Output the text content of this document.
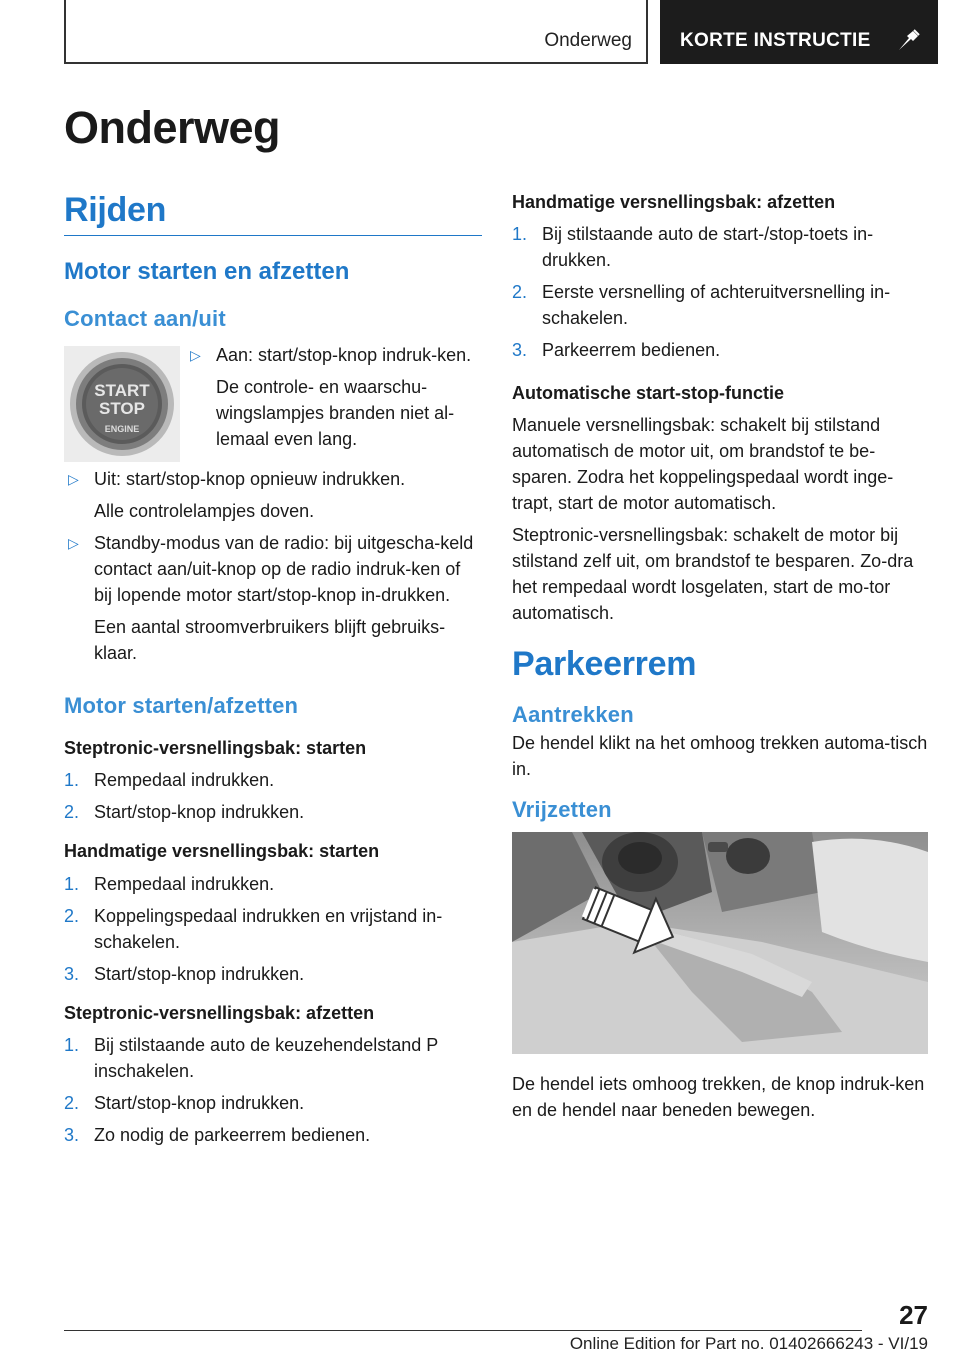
Onderweg	KORTE INSTRUCTIE
Onderweg
Rijden
Motor starten en afzetten
Contact aan/uit
START
STOP
ENGINE
▷ Aan: start/stop-knop indruk-ken.
De controle- en waarschu-wingslampjes branden niet al-lemaal even lang.
▷ Uit: start/stop-knop opnieuw indrukken.
Alle controlelampjes doven.
▷ Standby-modus van de radio: bij uitgescha-keld contact aan/uit-knop op de radio indruk-ken of bij lopende motor start/stop-knop in-drukken.
Een aantal stroomverbruikers blijft gebruiks-klaar.
Motor starten/afzetten
Steptronic-versnellingsbak: starten
1. Rempedaal indrukken.
2. Start/stop-knop indrukken.
Handmatige versnellingsbak: starten
1. Rempedaal indrukken.
2. Koppelingspedaal indrukken en vrijstand in-schakelen.
3. Start/stop-knop indrukken.
Steptronic-versnellingsbak: afzetten
1. Bij stilstaande auto de keuzehendelstand P inschakelen.
2. Start/stop-knop indrukken.
3. Zo nodig de parkeerrem bedienen.
Handmatige versnellingsbak: afzetten
1. Bij stilstaande auto de start-/stop-toets in-drukken.
2. Eerste versnelling of achteruitversnelling in-schakelen.
3. Parkeerrem bedienen.
Automatische start-stop-functie

Manuele versnellingsbak: schakelt bij stilstand automatisch de motor uit, om brandstof te be-sparen. Zodra het koppelingspedaal wordt inge-trapt, start de motor automatisch.

Steptronic-versnellingsbak: schakelt de motor bij stilstand zelf uit, om brandstof te besparen. Zo-dra het rempedaal wordt losgelaten, start de mo-tor automatisch.

Parkeerrem
Aantrekken

De hendel klikt na het omhoog trekken automa-tisch in.

Vrijzetten

De hendel iets omhoog trekken, de knop indruk-ken en de hendel naar beneden bewegen.

27
Online Edition for Part no. 01402666243 - VI/19
